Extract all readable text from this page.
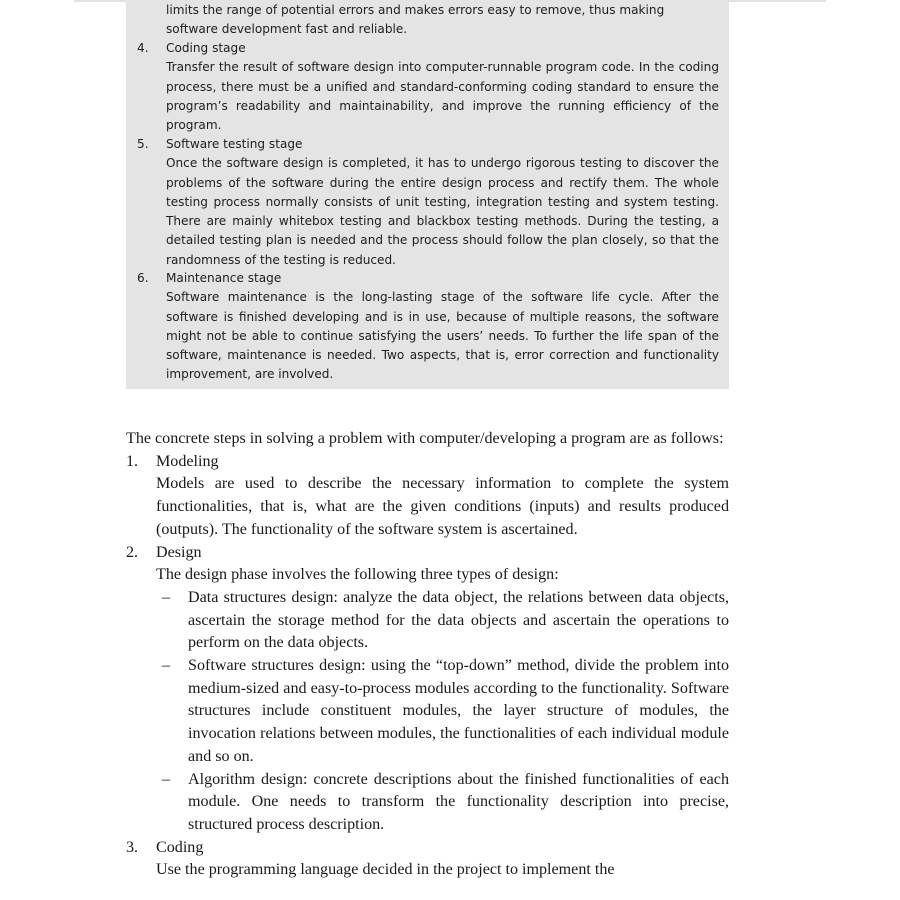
limits the range of potential errors and makes errors easy to remove, thus making software development fast and reliable.
4.	Coding stage
Transfer the result of software design into computer-runnable program code. In the coding process, there must be a unified and standard-conforming coding standard to ensure the program’s readability and maintainability, and improve the running efficiency of the program.
5.	Software testing stage
Once the software design is completed, it has to undergo rigorous testing to discover the problems of the software during the entire design process and rectify them. The whole testing process normally consists of unit testing, integration testing and system testing. There are mainly whitebox testing and blackbox testing methods. During the testing, a detailed testing plan is needed and the process should follow the plan closely, so that the randomness of the testing is reduced.
6.	Maintenance stage
Software maintenance is the long-lasting stage of the software life cycle. After the software is finished developing and is in use, because of multiple reasons, the software might not be able to continue satisfying the users’ needs. To further the life span of the software, maintenance is needed. Two aspects, that is, error correction and functionality improvement, are involved.

The concrete steps in solving a problem with computer/developing a program are as follows:

1. Modeling
Models are used to describe the necessary information to complete the system functionalities, that is, what are the given conditions (inputs) and results produced (outputs). The functionality of the software system is ascertained.
2. Design
The design phase involves the following three types of design:
– Data structures design: analyze the data object, the relations between data objects, ascertain the storage method for the data objects and ascertain the operations to perform on the data objects.
– Software structures design: using the “top-down” method, divide the problem into medium-sized and easy-to-process modules according to the functionality. Software structures include constituent modules, the layer structure of modules, the invocation relations between modules, the functionalities of each individual module and so on.
– Algorithm design: concrete descriptions about the finished functionalities of each module. One needs to transform the functionality description into precise, structured process description.
3. Coding
Use the programming language decided in the project to implement the
